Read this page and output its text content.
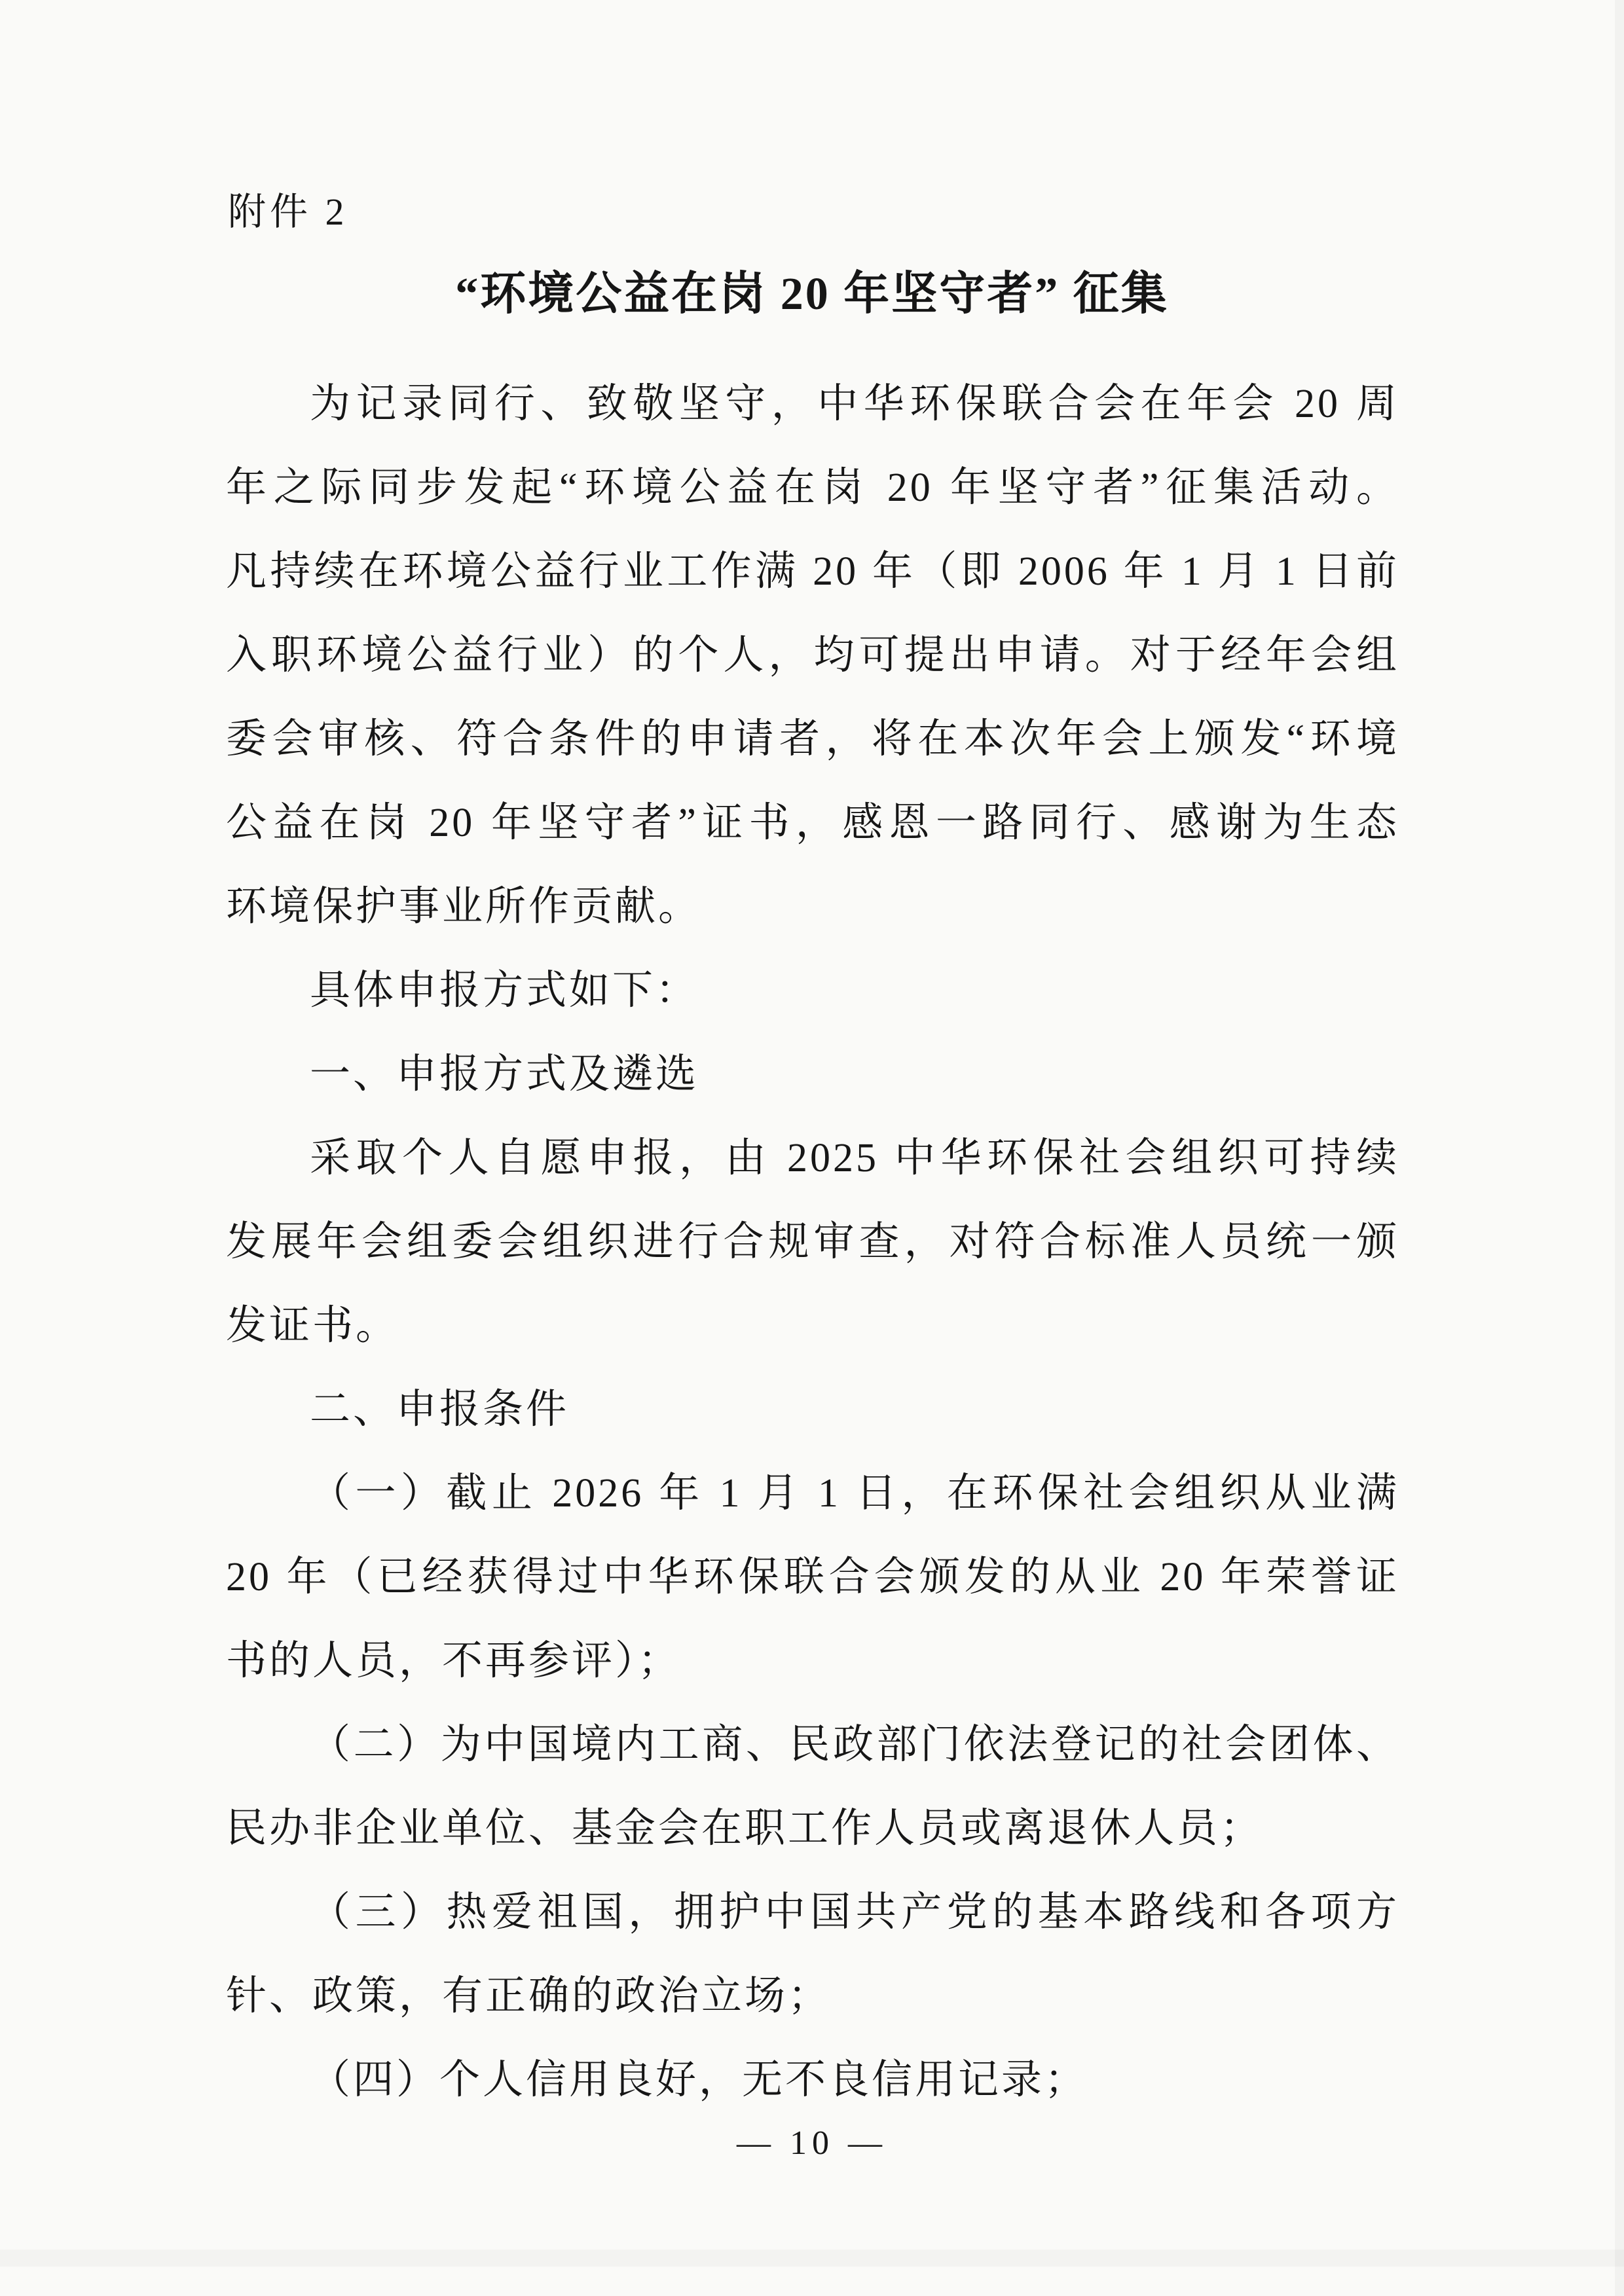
附件 2
“环境公益在岗 20 年坚守者” 征集
为记录同行、致敬坚守，中华环保联合会在年会 20 周
年之际同步发起“环境公益在岗 20 年坚守者”征集活动。
凡持续在环境公益行业工作满 20 年（即 2006 年 1 月 1 日前
入职环境公益行业）的个人，均可提出申请。对于经年会组
委会审核、符合条件的申请者，将在本次年会上颁发“环境
公益在岗 20 年坚守者”证书，感恩一路同行、感谢为生态
环境保护事业所作贡献。
具体申报方式如下：
一、申报方式及遴选
采取个人自愿申报，由 2025 中华环保社会组织可持续
发展年会组委会组织进行合规审查，对符合标准人员统一颁
发证书。
二、申报条件
（一）截止 2026 年 1 月 1 日，在环保社会组织从业满
20 年（已经获得过中华环保联合会颁发的从业 20 年荣誉证
书的人员，不再参评）；
（二）为中国境内工商、民政部门依法登记的社会团体、
民办非企业单位、基金会在职工作人员或离退休人员；
（三）热爱祖国，拥护中国共产党的基本路线和各项方
针、政策，有正确的政治立场；
（四）个人信用良好，无不良信用记录；
— 10 —
